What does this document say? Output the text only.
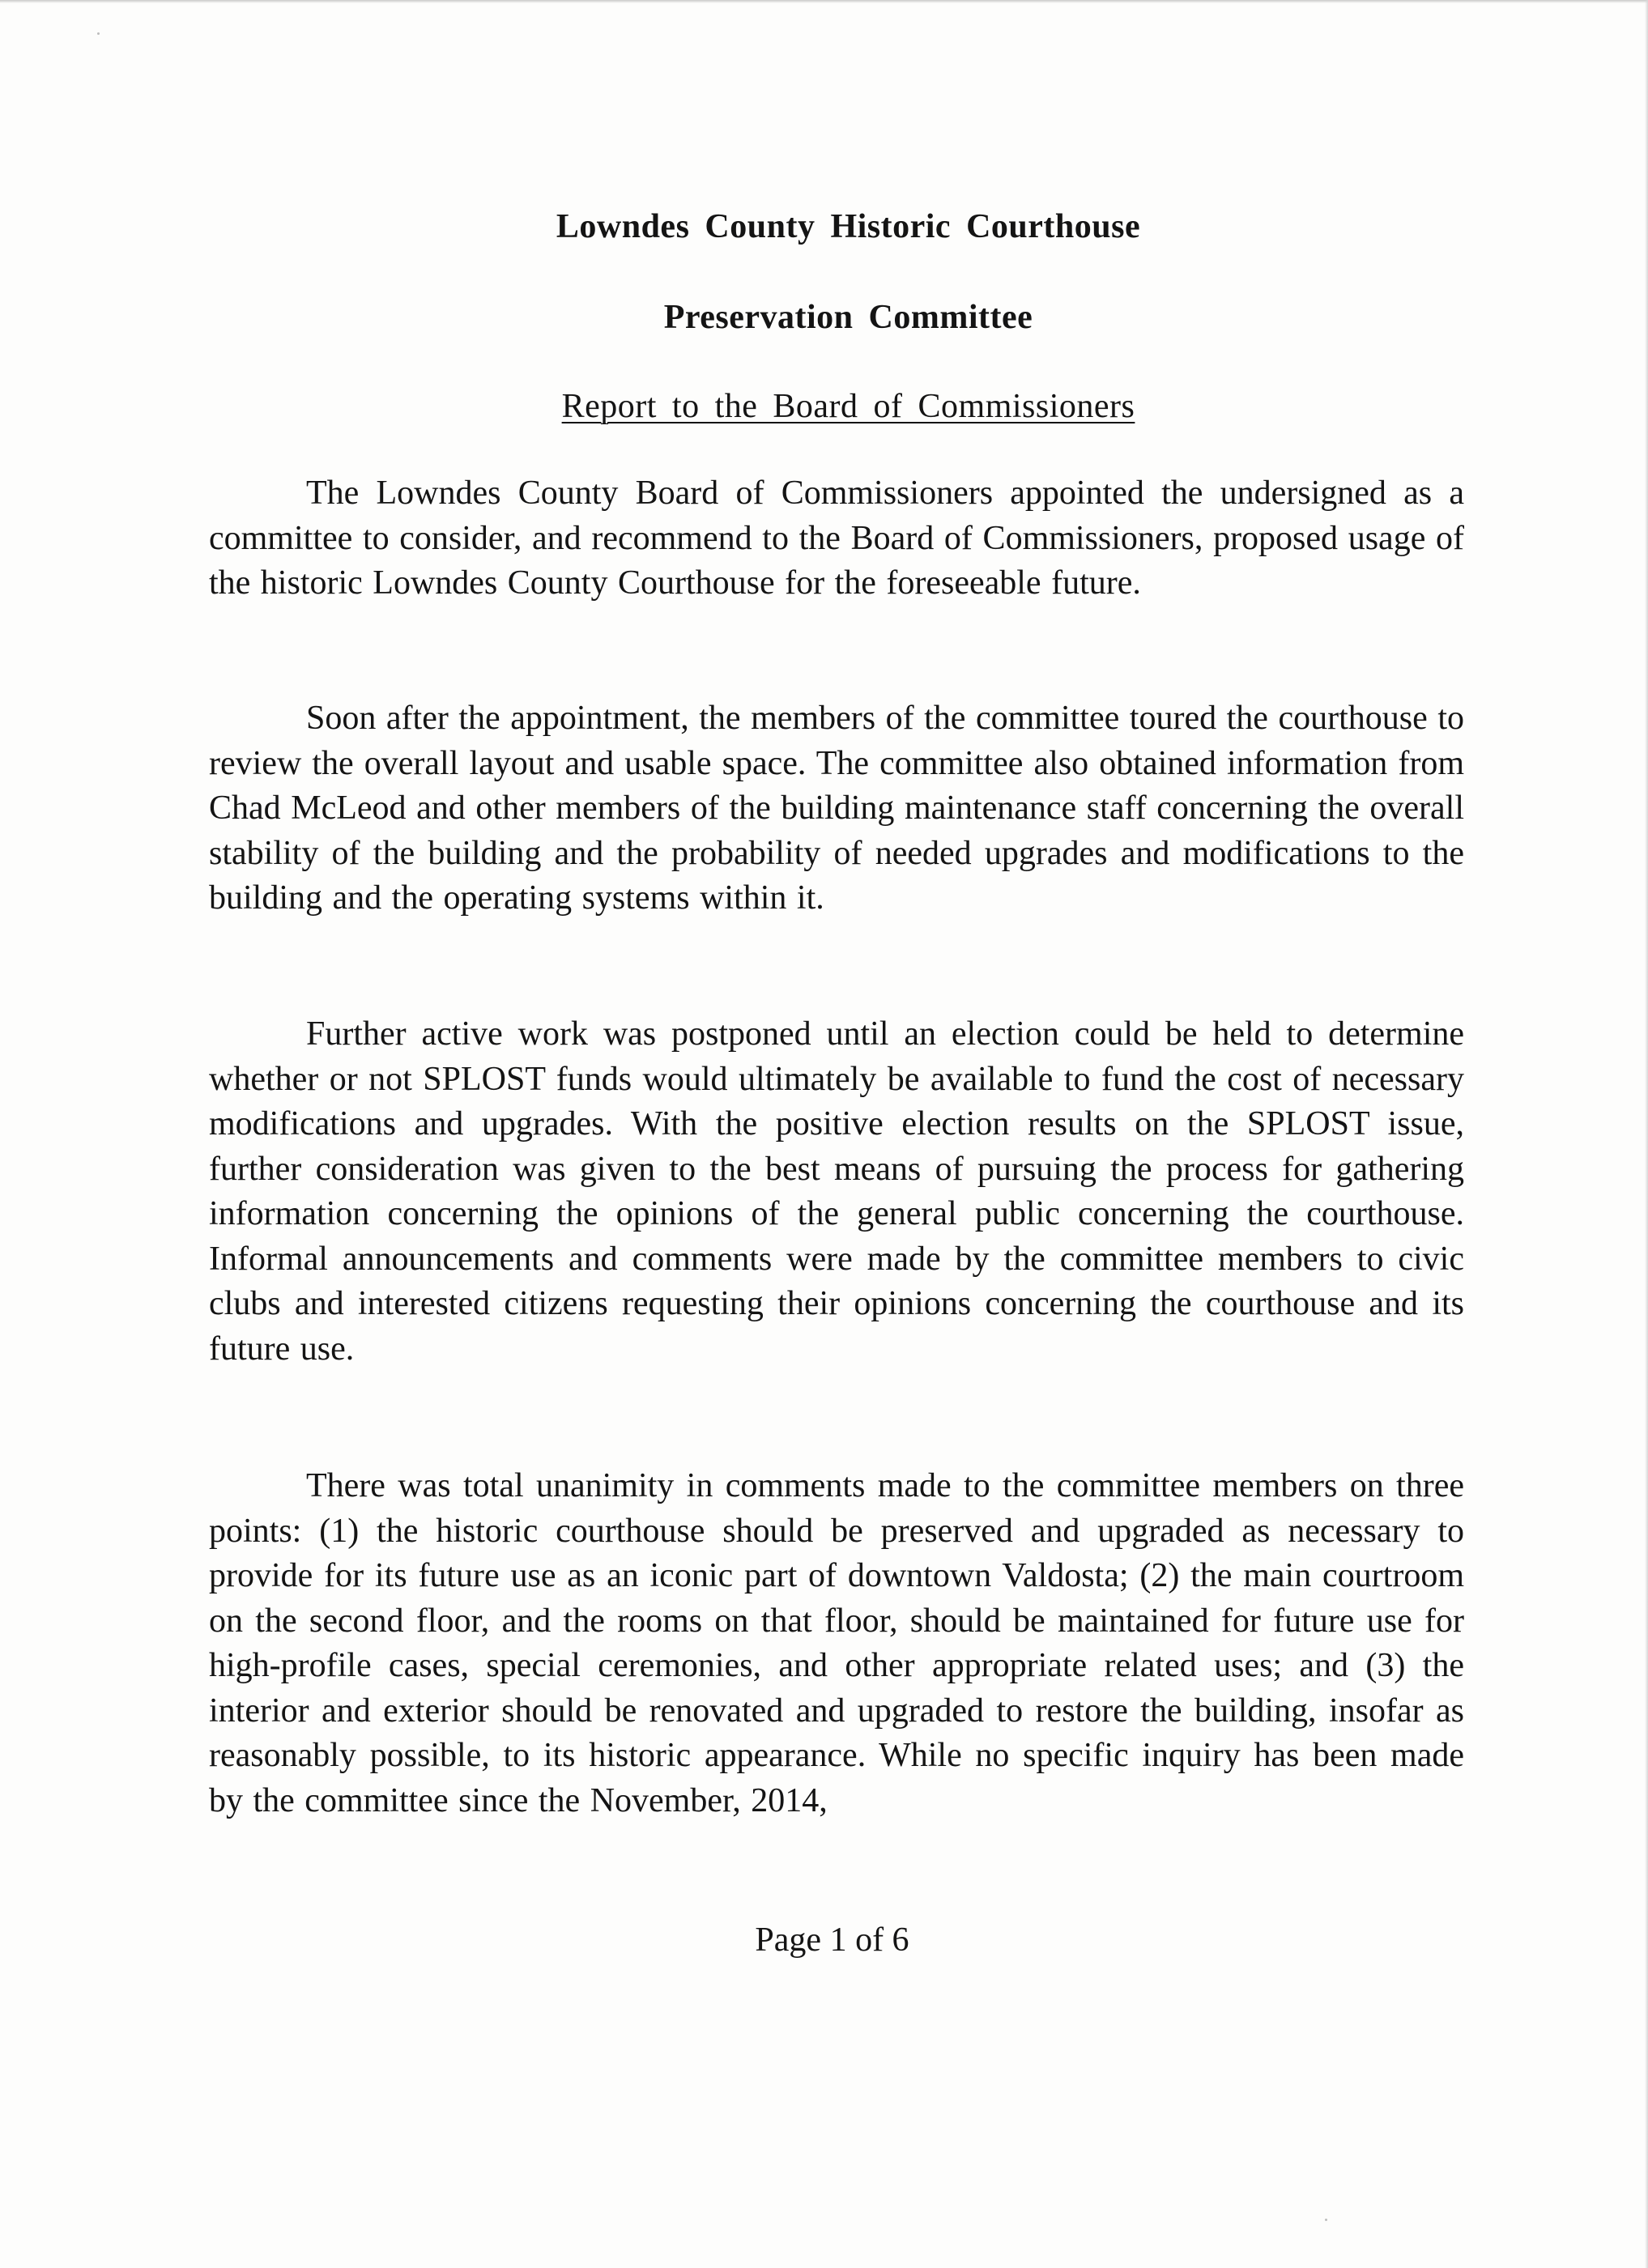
Lowndes County Historic Courthouse
Preservation Committee
Report to the Board of Commissioners
The Lowndes County Board of Commissioners appointed the undersigned as a committee to consider, and recommend to the Board of Commissioners, proposed usage of the historic Lowndes County Courthouse for the foreseeable future.
Soon after the appointment, the members of the committee toured the courthouse to review the overall layout and usable space. The committee also obtained information from Chad McLeod and other members of the building maintenance staff concerning the overall stability of the building and the probability of needed upgrades and modifications to the building and the operating systems within it.
Further active work was postponed until an election could be held to determine whether or not SPLOST funds would ultimately be available to fund the cost of necessary modifications and upgrades. With the positive election results on the SPLOST issue, further consideration was given to the best means of pursuing the process for gathering information concerning the opinions of the general public concerning the courthouse. Informal announcements and comments were made by the committee members to civic clubs and interested citizens requesting their opinions concerning the courthouse and its future use.
There was total unanimity in comments made to the committee members on three points: (1) the historic courthouse should be preserved and upgraded as necessary to provide for its future use as an iconic part of downtown Valdosta; (2) the main courtroom on the second floor, and the rooms on that floor, should be maintained for future use for high-profile cases, special ceremonies, and other appropriate related uses; and (3) the interior and exterior should be renovated and upgraded to restore the building, insofar as reasonably possible, to its historic appearance. While no specific inquiry has been made by the committee since the November, 2014,
Page 1 of 6
